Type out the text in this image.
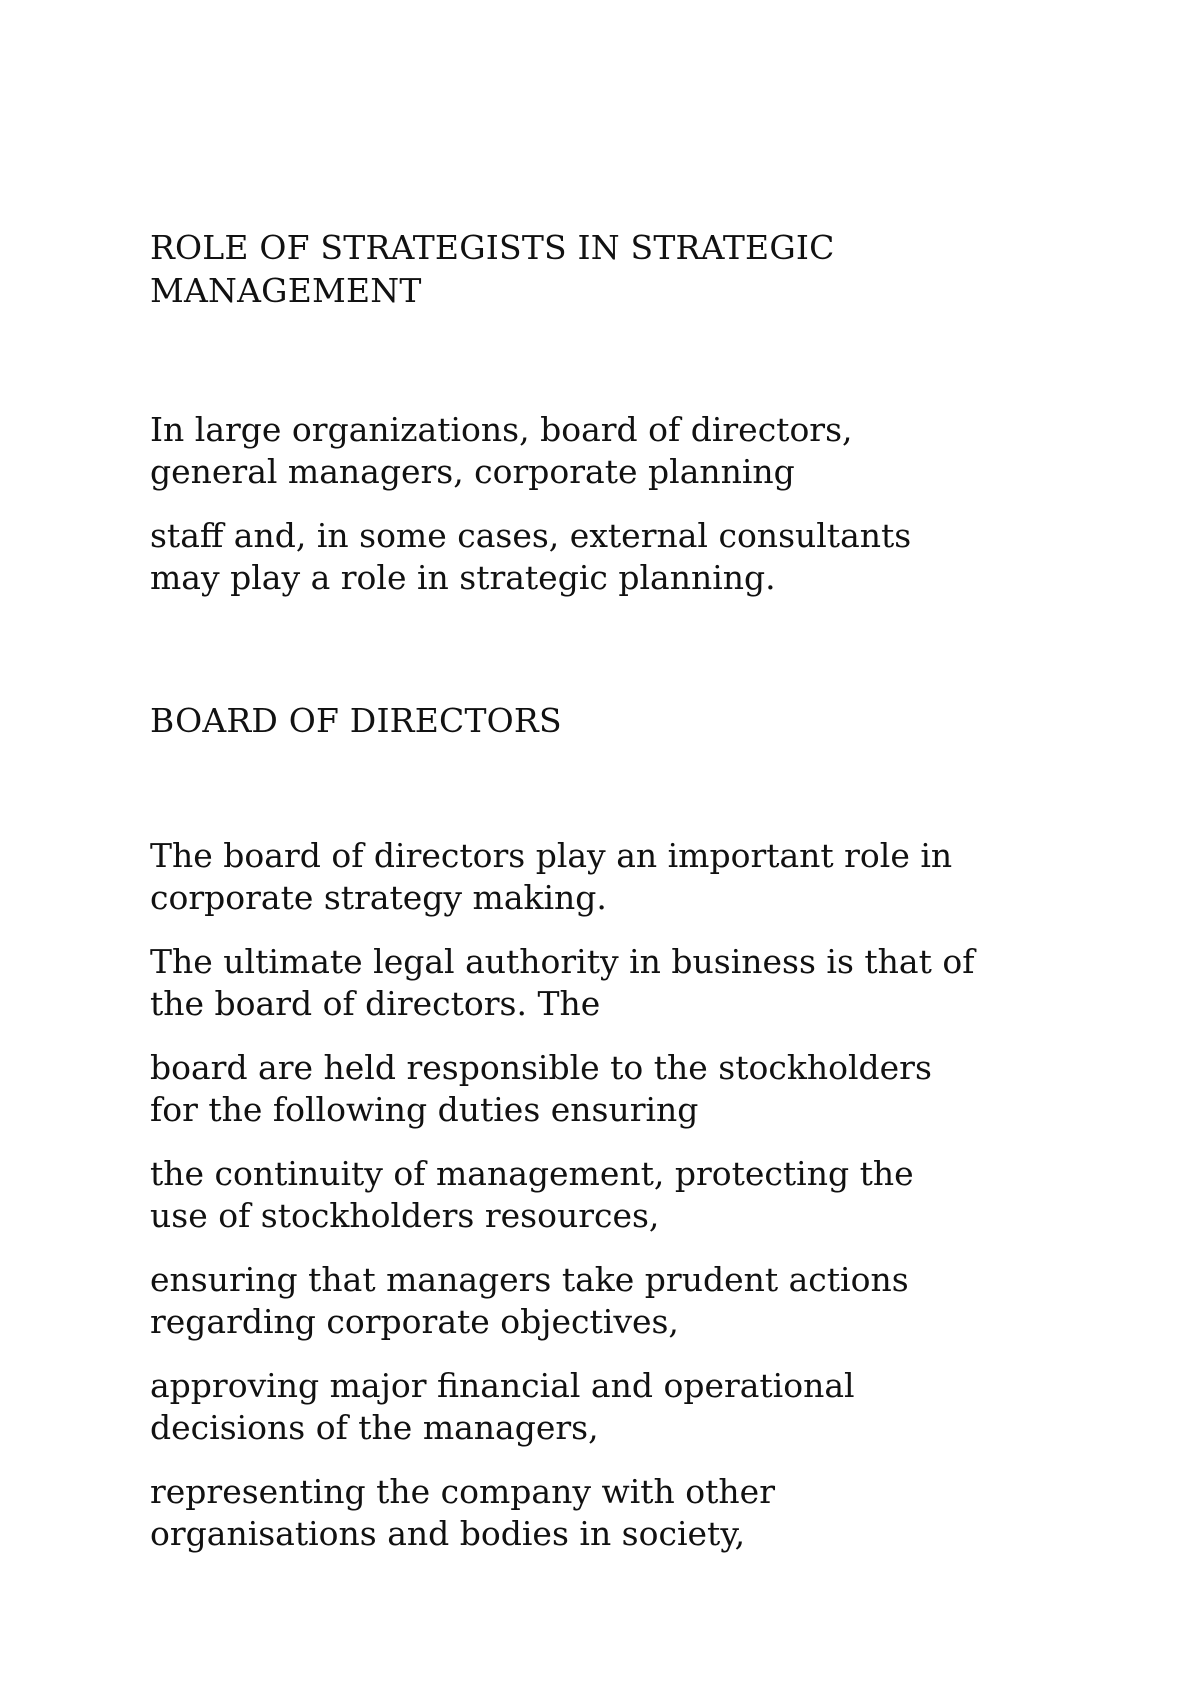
ROLE OF STRATEGISTS IN STRATEGIC
MANAGEMENT

In large organizations, board of directors,
general managers, corporate planning

staff and, in some cases, external consultants
may play a role in strategic planning.

BOARD OF DIRECTORS

The board of directors play an important role in
corporate strategy making.

The ultimate legal authority in business is that of
the board of directors. The

board are held responsible to the stockholders
for the following duties ensuring

the continuity of management, protecting the
use of stockholders resources,

ensuring that managers take prudent actions
regarding corporate objectives,

approving major financial and operational
decisions of the managers,

representing the company with other
organisations and bodies in society,
